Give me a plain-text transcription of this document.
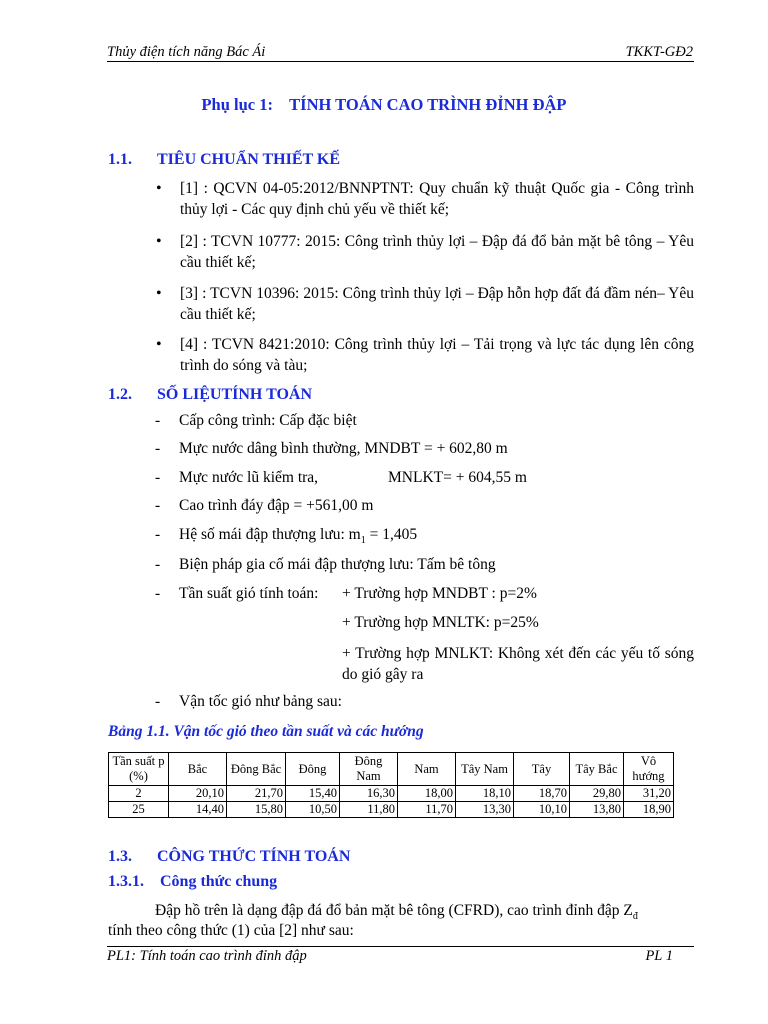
Thủy điện tích năng Bác Ái	TKKT-GĐ2
Phụ lục 1:    TÍNH TOÁN CAO TRÌNH ĐỈNH ĐẬP
1.1. TIÊU CHUẨN THIẾT KẾ
• [1] : QCVN 04-05:2012/BNNPTNT: Quy chuẩn kỹ thuật Quốc gia - Công trình thủy lợi - Các quy định chủ yếu về thiết kế;
• [2] : TCVN 10777: 2015: Công trình thủy lợi – Đập đá đổ bản mặt bê tông – Yêu cầu thiết kế;
• [3] : TCVN 10396: 2015: Công trình thủy lợi – Đập hỗn hợp đất đá đầm nén– Yêu cầu thiết kế;
• [4] : TCVN 8421:2010: Công trình thủy lợi – Tải trọng và lực tác dụng lên công trình do sóng và tàu;
1.2. SỐ LIỆUTÍNH TOÁN
- Cấp công trình: Cấp đặc biệt
- Mực nước dâng bình thường, MNDBT = + 602,80 m
- Mực nước lũ kiểm tra,	MNLKT= + 604,55 m
- Cao trình đáy đập = +561,00 m
- Hệ số mái đập thượng lưu: $m_1 = 1,405$
- Biện pháp gia cố mái đập thượng lưu: Tấm bê tông
- Tần suất gió tính toán: + Trường hợp MNDBT : p=2%
+ Trường hợp MNLTK: p=25%
+ Trường hợp MNLKT: Không xét đến các yếu tố sóng do gió gây ra
- Vận tốc gió như bảng sau:
Bảng 1.1. Vận tốc gió theo tần suất và các hướng
Tần suất p (%)	Bắc	Đông Bắc	Đông	Đông Nam	Nam	Tây Nam	Tây	Tây Bắc	Vô hướng
2	20,10	21,70	15,40	16,30	18,00	18,10	18,70	29,80	31,20
25	14,40	15,80	10,50	11,80	11,70	13,30	10,10	13,80	18,90
1.3. CÔNG THỨC TÍNH TOÁN
1.3.1. Công thức chung
Đập hồ trên là dạng đập đá đổ bản mặt bê tông (CFRD), cao trình đỉnh đập $Z_đ$
tính theo công thức (1) của [2] như sau:
PL1: Tính toán cao trình đỉnh đập	PL 1
